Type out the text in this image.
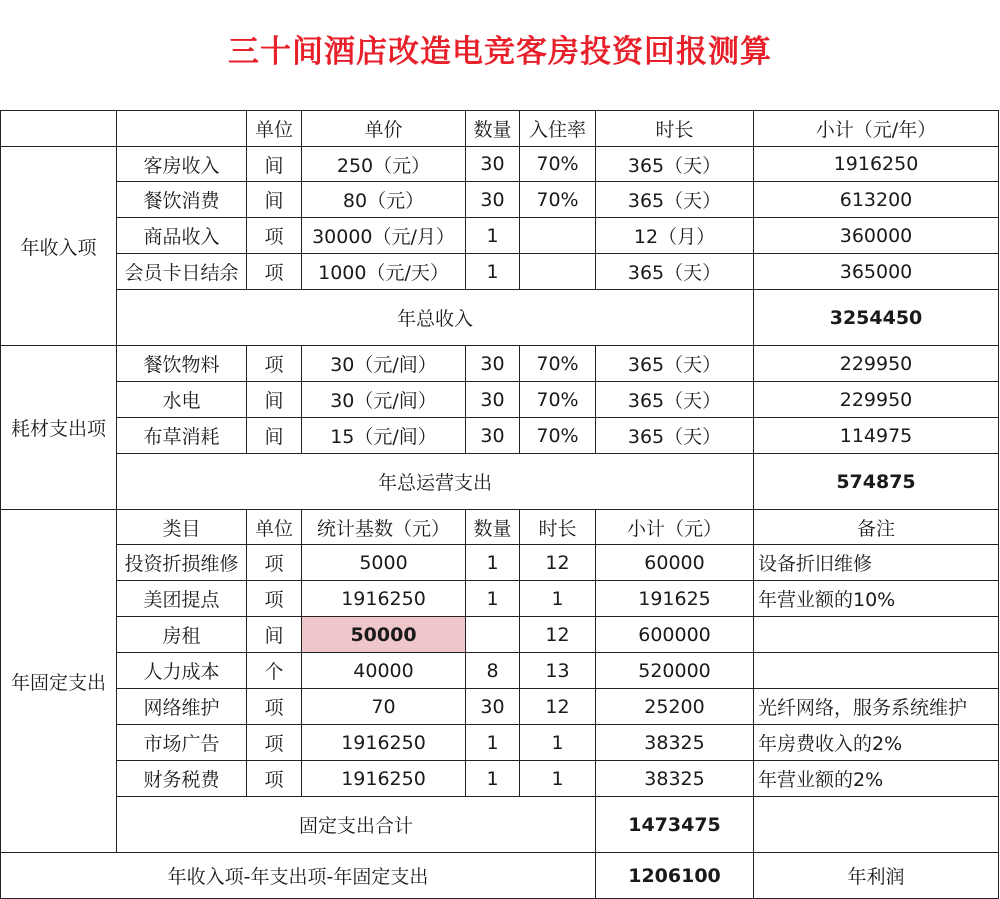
三十间酒店改造电竞客房投资回报测算
		单位	单价	数量	入住率	时长	小计（元/年）
年收入项	客房收入	间	250（元）	30	70%	365（天）	1916250
	餐饮消费	间	80（元）	30	70%	365（天）	613200
	商品收入	项	30000（元/月）	1		12（月）	360000
	会员卡日结余	项	1000（元/天）	1		365（天）	365000
	年总收入						3254450
耗材支出项	餐饮物料	项	30（元/间）	30	70%	365（天）	229950
	水电	间	30（元/间）	30	70%	365（天）	229950
	布草消耗	间	15（元/间）	30	70%	365（天）	114975
	年总运营支出						574875
年固定支出	类目	单位	统计基数（元）	数量	时长	小计（元）	备注
	投资折损维修	项	5000	1	12	60000	设备折旧维修
	美团提点	项	1916250	1	1	191625	年营业额的10%
	房租	间	50000		12	600000	
	人力成本	个	40000	8	13	520000	
	网络维护	项	70	30	12	25200	光纤网络，服务系统维护
	市场广告	项	1916250	1	1	38325	年房费收入的2%
	财务税费	项	1916250	1	1	38325	年营业额的2%
	固定支出合计					1473475	
年收入项-年支出项-年固定支出						1206100	年利润
